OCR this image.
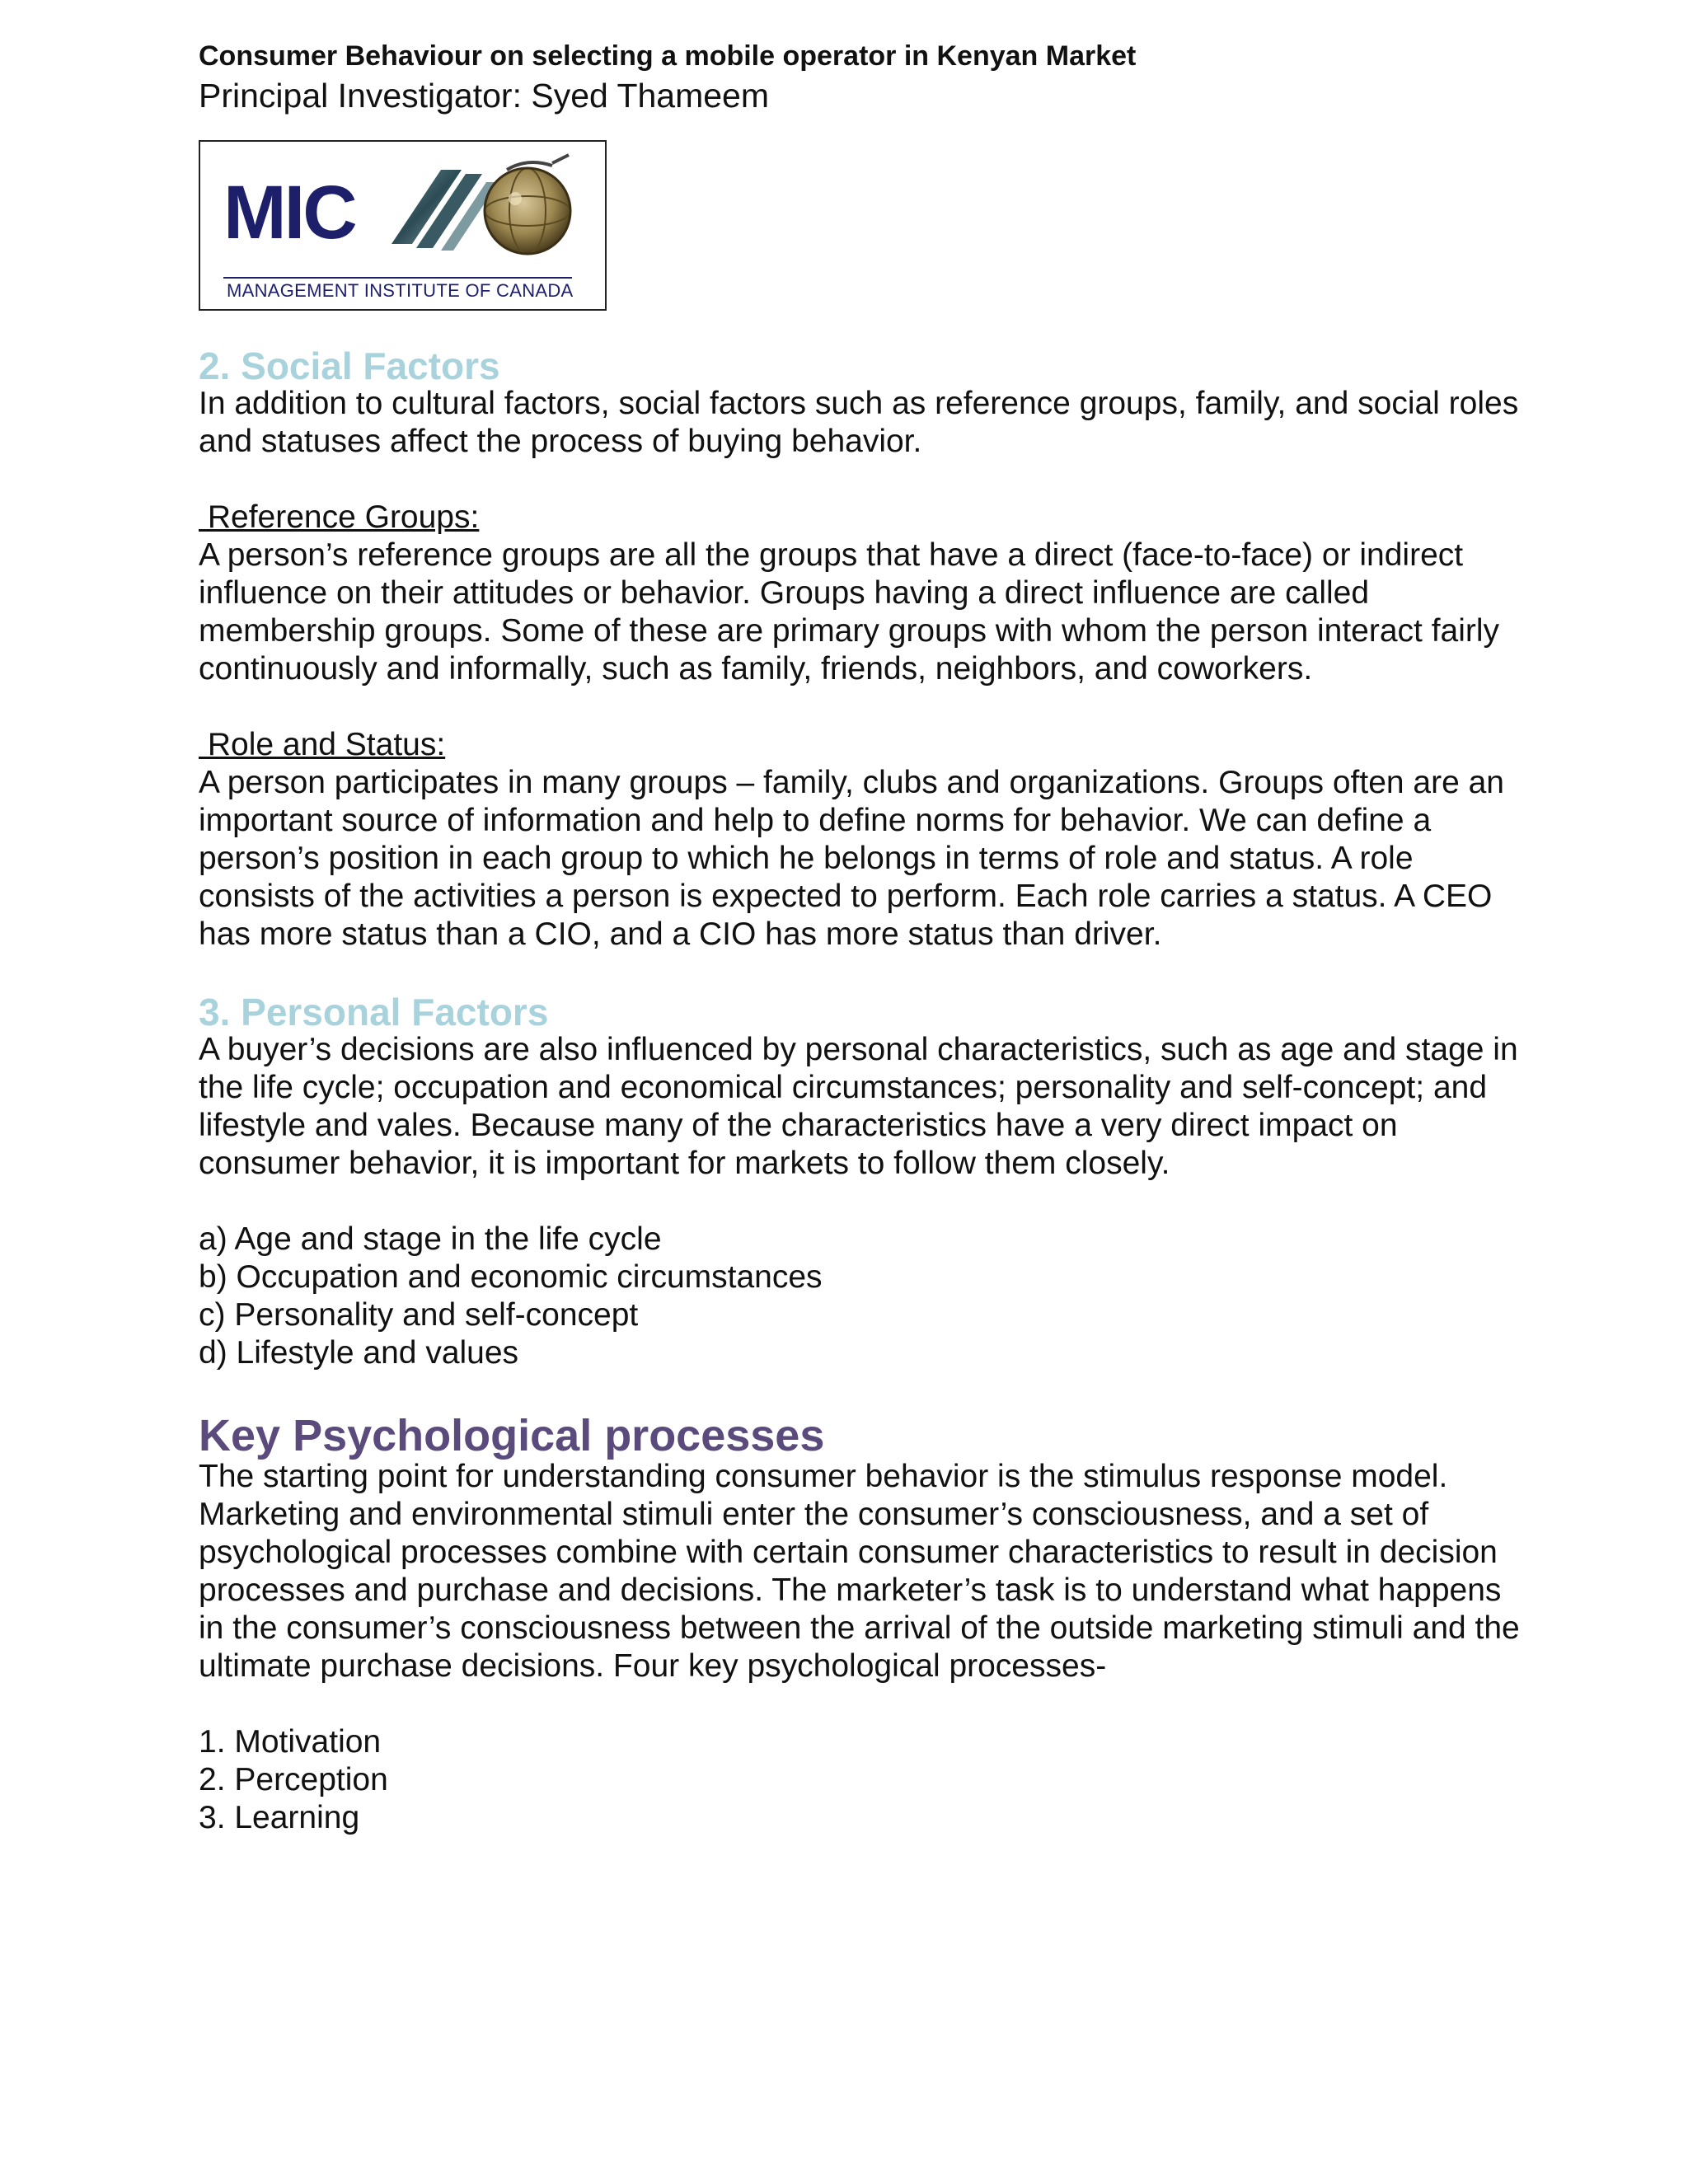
Consumer Behaviour on selecting a mobile operator in Kenyan Market
Principal Investigator: Syed Thameem
MIC
MANAGEMENT INSTITUTE OF CANADA
2. Social Factors

In addition to cultural factors, social factors such as reference groups, family, and social roles and statuses affect the process of buying behavior.

Reference Groups:

A person’s reference groups are all the groups that have a direct (face-to-face) or indirect influence on their attitudes or behavior. Groups having a direct influence are called membership groups. Some of these are primary groups with whom the person interact fairly continuously and informally, such as family, friends, neighbors, and coworkers.

Role and Status:

A person participates in many groups – family, clubs and organizations. Groups often are an important source of information and help to define norms for behavior. We can define a person’s position in each group to which he belongs in terms of role and status. A role consists of the activities a person is expected to perform. Each role carries a status. A CEO has more status than a CIO, and a CIO has more status than driver.

3. Personal Factors

A buyer’s decisions are also influenced by personal characteristics, such as age and stage in the life cycle; occupation and economical circumstances; personality and self-concept; and lifestyle and vales. Because many of the characteristics have a very direct impact on consumer behavior, it is important for markets to follow them closely.

a) Age and stage in the life cycle
b) Occupation and economic circumstances
c) Personality and self-concept
d) Lifestyle and values
Key Psychological processes

The starting point for understanding consumer behavior is the stimulus response model. Marketing and environmental stimuli enter the consumer’s consciousness, and a set of psychological processes combine with certain consumer characteristics to result in decision processes and purchase and decisions. The marketer’s task is to understand what happens in the consumer’s consciousness between the arrival of the outside marketing stimuli and the ultimate purchase decisions. Four key psychological processes-

1. Motivation
2. Perception
3. Learning
